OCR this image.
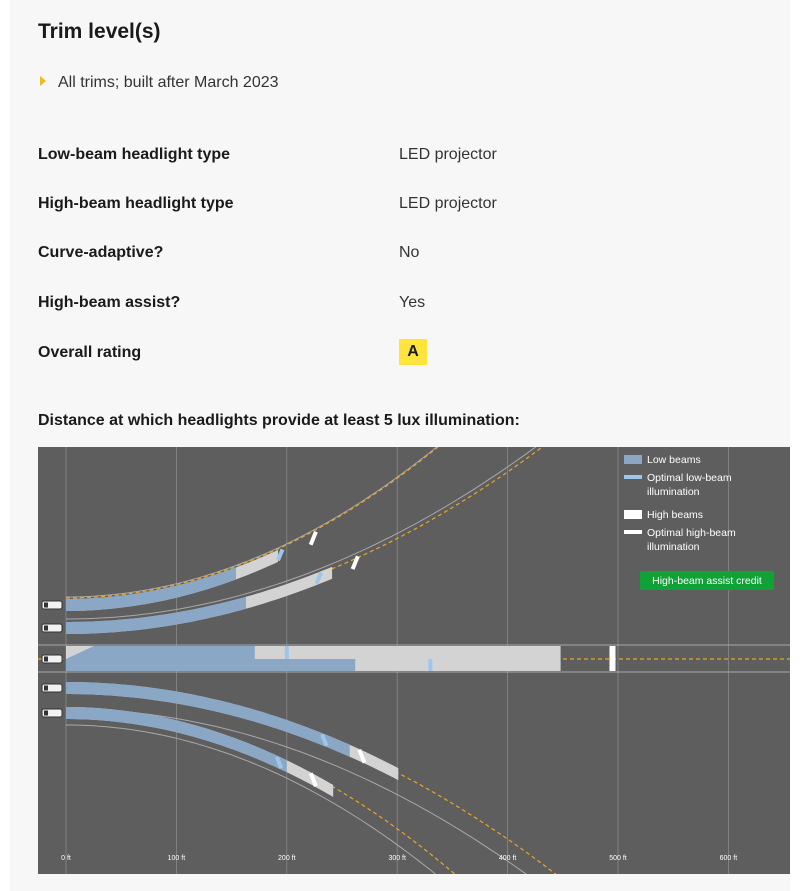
Trim level(s)
All trims; built after March 2023
Low-beam headlight type	LED projector
High-beam headlight type	LED projector
Curve-adaptive?	No
High-beam assist?	Yes
Overall rating	A
Distance at which headlights provide at least 5 lux illumination:
Low beams
Optimal low-beam illumination
High beams
Optimal high-beam illumination
High-beam assist credit
0 ft	100 ft	200 ft	300 ft	400 ft	500 ft	600 ft
